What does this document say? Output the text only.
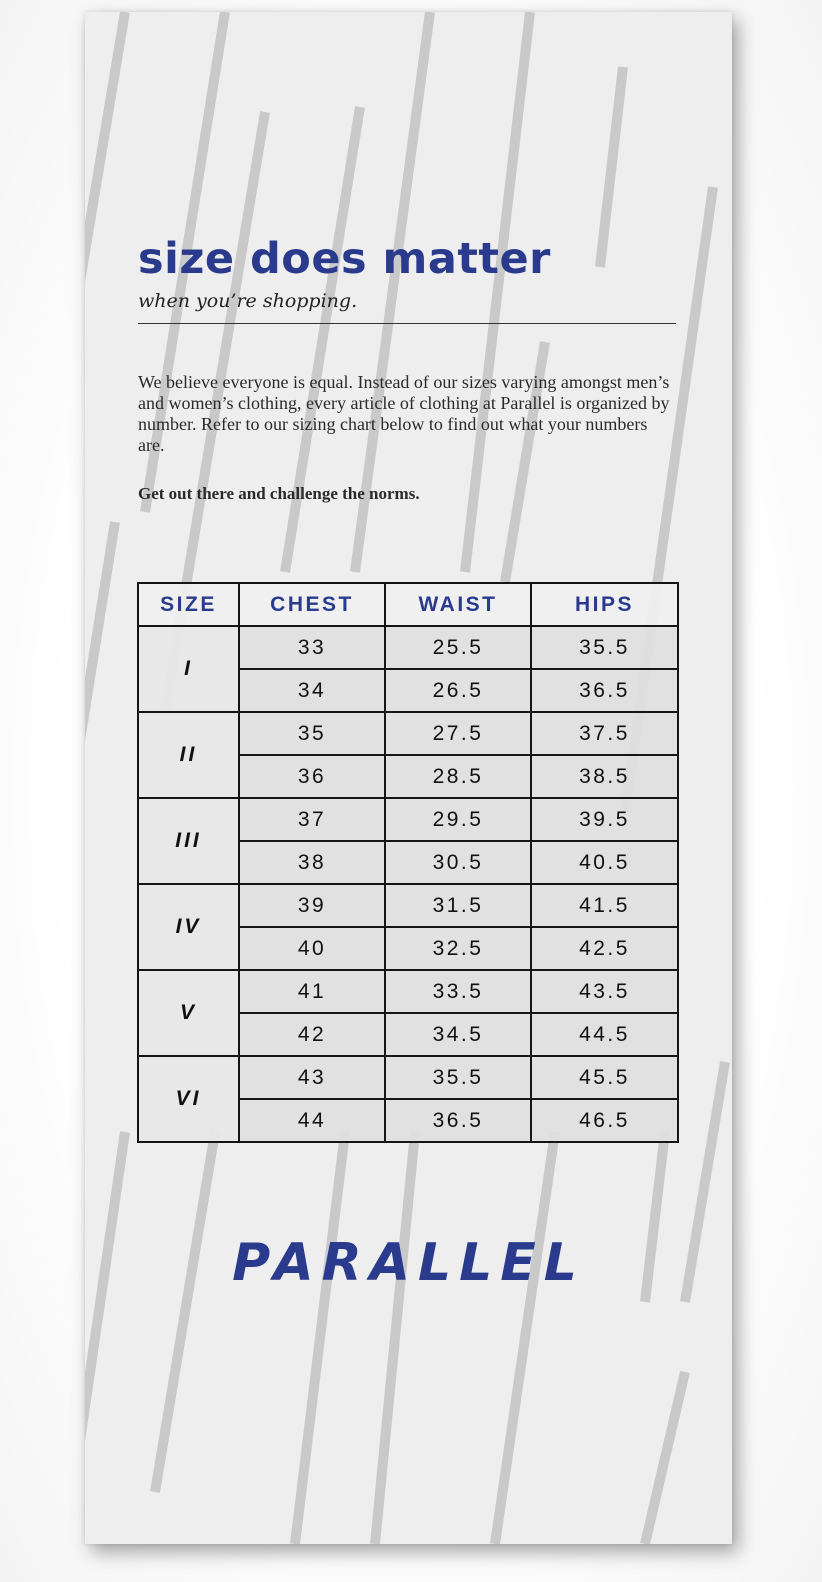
size does matter

when you’re shopping.

We believe everyone is equal. Instead of our sizes varying amongst men’s and women’s clothing, every article of clothing at Parallel is organized by number. Refer to our sizing chart below to find out what your numbers are.

Get out there and challenge the norms.

SIZE	CHEST	WAIST	HIPS
I	33	25.5	35.5
	34	26.5	36.5
II	35	27.5	37.5
	36	28.5	38.5
III	37	29.5	39.5
	38	30.5	40.5
IV	39	31.5	41.5
	40	32.5	42.5
V	41	33.5	43.5
	42	34.5	44.5
VI	43	35.5	45.5
	44	36.5	46.5
PARALLEL
